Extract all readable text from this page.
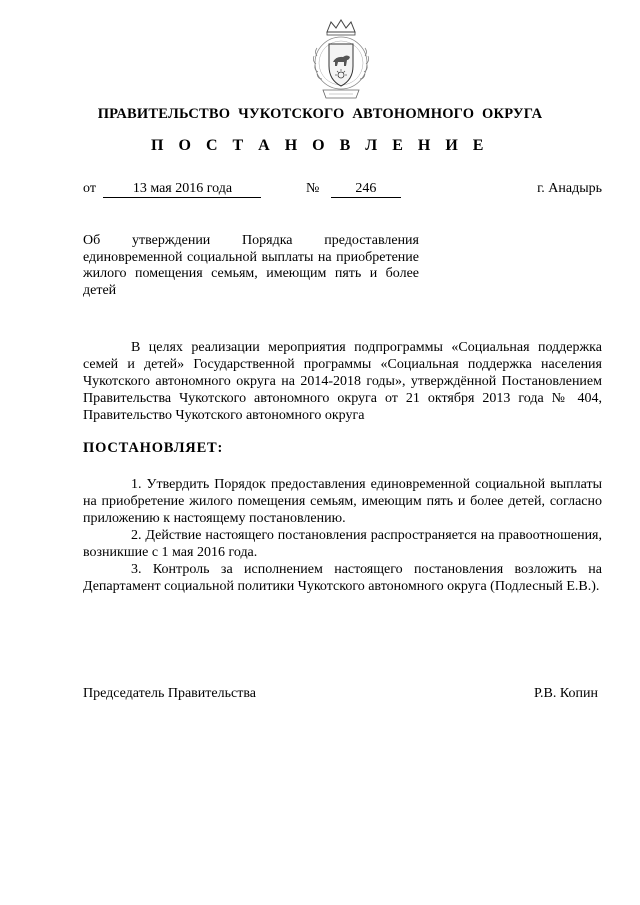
ПРАВИТЕЛЬСТВО ЧУКОТСКОГО АВТОНОМНОГО ОКРУГА
П О С Т А Н О В Л Е Н И Е
от	13 мая 2016 года	№	246	г. Анадырь
Об утверждении Порядка предоставления единовременной социальной выплаты на приобретение жилого помещения семьям, имеющим пять и более детей
В целях реализации мероприятия подпрограммы «Социальная поддержка семей и детей» Государственной программы «Социальная поддержка населения Чукотского автономного округа на 2014-2018 годы», утверждённой Постановлением Правительства Чукотского автономного округа от 21 октября 2013 года № 404, Правительство Чукотского автономного округа
ПОСТАНОВЛЯЕТ:

1. Утвердить Порядок предоставления единовременной социальной выплаты на приобретение жилого помещения семьям, имеющим пять и более детей, согласно приложению к настоящему постановлению.

2. Действие настоящего постановления распространяется на правоотношения, возникшие с 1 мая 2016 года.

3. Контроль за исполнением настоящего постановления возложить на Департамент социальной политики Чукотского автономного округа (Подлесный Е.В.).

Председатель Правительства	Р.В. Копин
